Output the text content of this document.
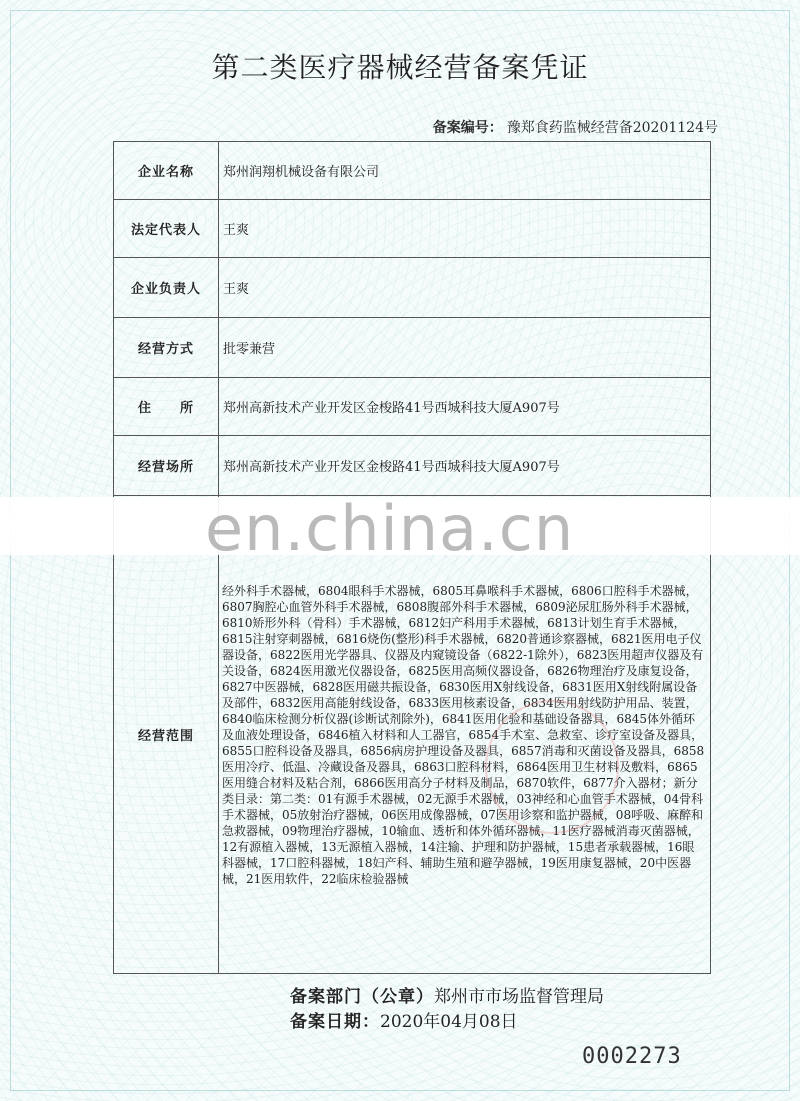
第二类医疗器械经营备案凭证
备案编号： 豫郑食药监械经营备20201124号
企业名称	郑州润翔机械设备有限公司
法定代表人	王爽
企业负责人	王爽
经营方式	批零兼营
住　　所	郑州高新技术产业开发区金梭路41号西城科技大厦A907号
经营场所	郑州高新技术产业开发区金梭路41号西城科技大厦A907号
经营范围	经外科手术器械，6804眼科手术器械，6805耳鼻喉科手术器械，6806口腔科手术器械，6807胸腔心血管外科手术器械，6808腹部外科手术器械，6809泌尿肛肠外科手术器械，6810矫形外科（骨科）手术器械，6812妇产科用手术器械，6813计划生育手术器械，6815注射穿刺器械，6816烧伤(整形)科手术器械，6820普通诊察器械，6821医用电子仪器设备，6822医用光学器具、仪器及内窥镜设备（6822-1除外），6823医用超声仪器及有关设备，6824医用激光仪器设备，6825医用高频仪器设备，6826物理治疗及康复设备，6827中医器械，6828医用磁共振设备，6830医用X射线设备，6831医用X射线附属设备及部件，6832医用高能射线设备，6833医用核素设备，6834医用射线防护用品、装置，6840临床检测分析仪器(诊断试剂除外)，6841医用化验和基础设备器具，6845体外循环及血液处理设备，6846植入材料和人工器官，6854手术室、急救室、诊疗室设备及器具，6855口腔科设备及器具，6856病房护理设备及器具，6857消毒和灭菌设备及器具，6858医用冷疗、低温、冷藏设备及器具，6863口腔科材料，6864医用卫生材料及敷料，6865医用缝合材料及粘合剂，6866医用高分子材料及制品，6870软件，6877介入器材；新分类目录：第二类：01有源手术器械，02无源手术器械，03神经和心血管手术器械，04骨科手术器械，05放射治疗器械，06医用成像器械，07医用诊察和监护器械，08呼吸、麻醉和急救器械，09物理治疗器械，10输血、透析和体外循环器械，11医疗器械消毒灭菌器械，12有源植入器械，13无源植入器械，14注输、护理和防护器械，15患者承载器械，16眼科器械，17口腔科器械，18妇产科、辅助生殖和避孕器械，19医用康复器械，20中医器械，21医用软件，22临床检验器械
en.china.cn
备案部门（公章）郑州市市场监督管理局
备案日期：2020年04月08日
0002273
